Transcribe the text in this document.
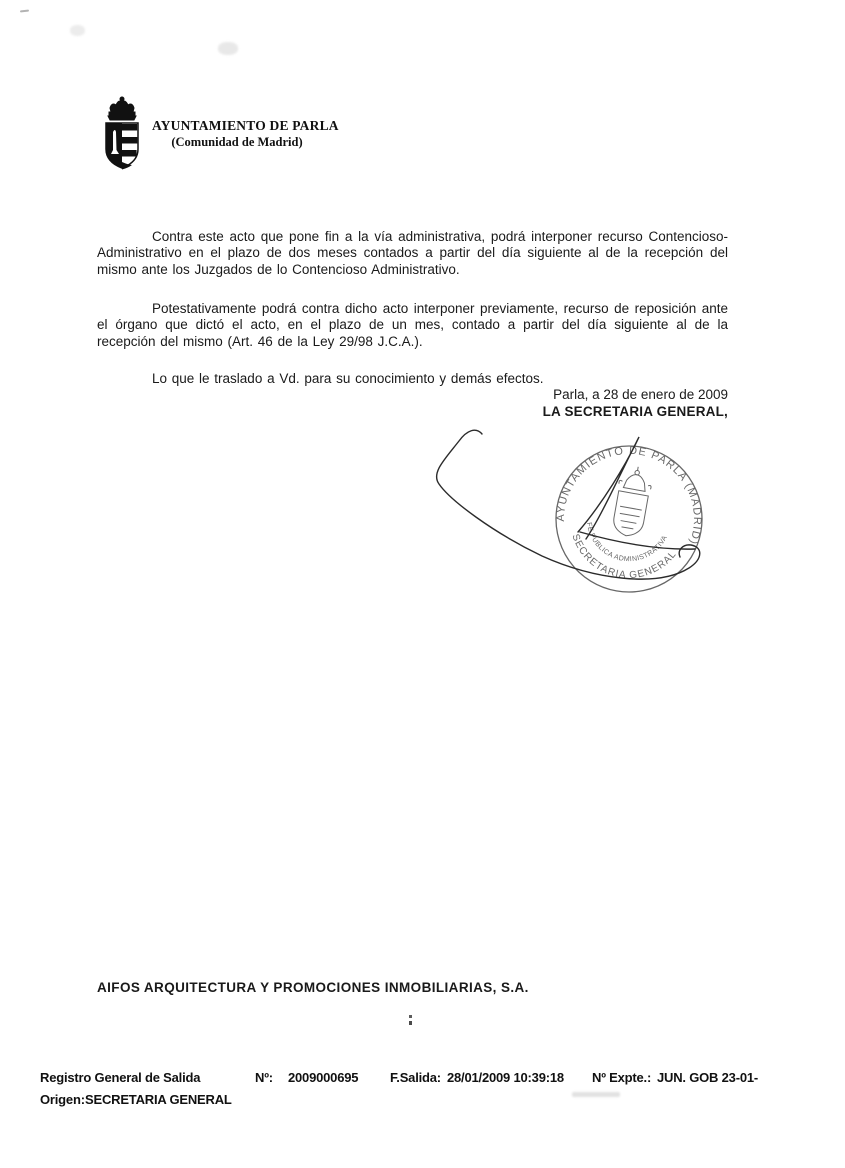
AYUNTAMIENTO DE PARLA
(Comunidad de Madrid)

Contra este acto que pone fin a la vía administrativa, podrá interponer recurso Contencioso-Administrativo en el plazo de dos meses contados a partir del día siguiente al de la recepción del mismo ante los Juzgados de lo Contencioso Administrativo.

Potestativamente podrá contra dicho acto interponer previamente, recurso de reposición ante el órgano que dictó el acto, en el plazo de un mes, contado a partir del día siguiente al de la recepción del mismo (Art. 46 de la Ley 29/98 J.C.A.).

Lo que le traslado a Vd. para su conocimiento y demás efectos.

Parla, a 28 de enero de 2009
LA SECRETARIA GENERAL,
AYUNTAMIENTO DE PARLA (MADRID)
SECRETARIA GENERAL
FE PUBLICA ADMINISTRATIVA
AIFOS ARQUITECTURA Y PROMOCIONES INMOBILIARIAS, S.A.
Registro General de Salida	Nº: 2009000695 F.Salida: 28/01/2009 10:39:18 Nº Expte.: JUN. GOB 23-01-
Origen: SECRETARIA GENERAL
